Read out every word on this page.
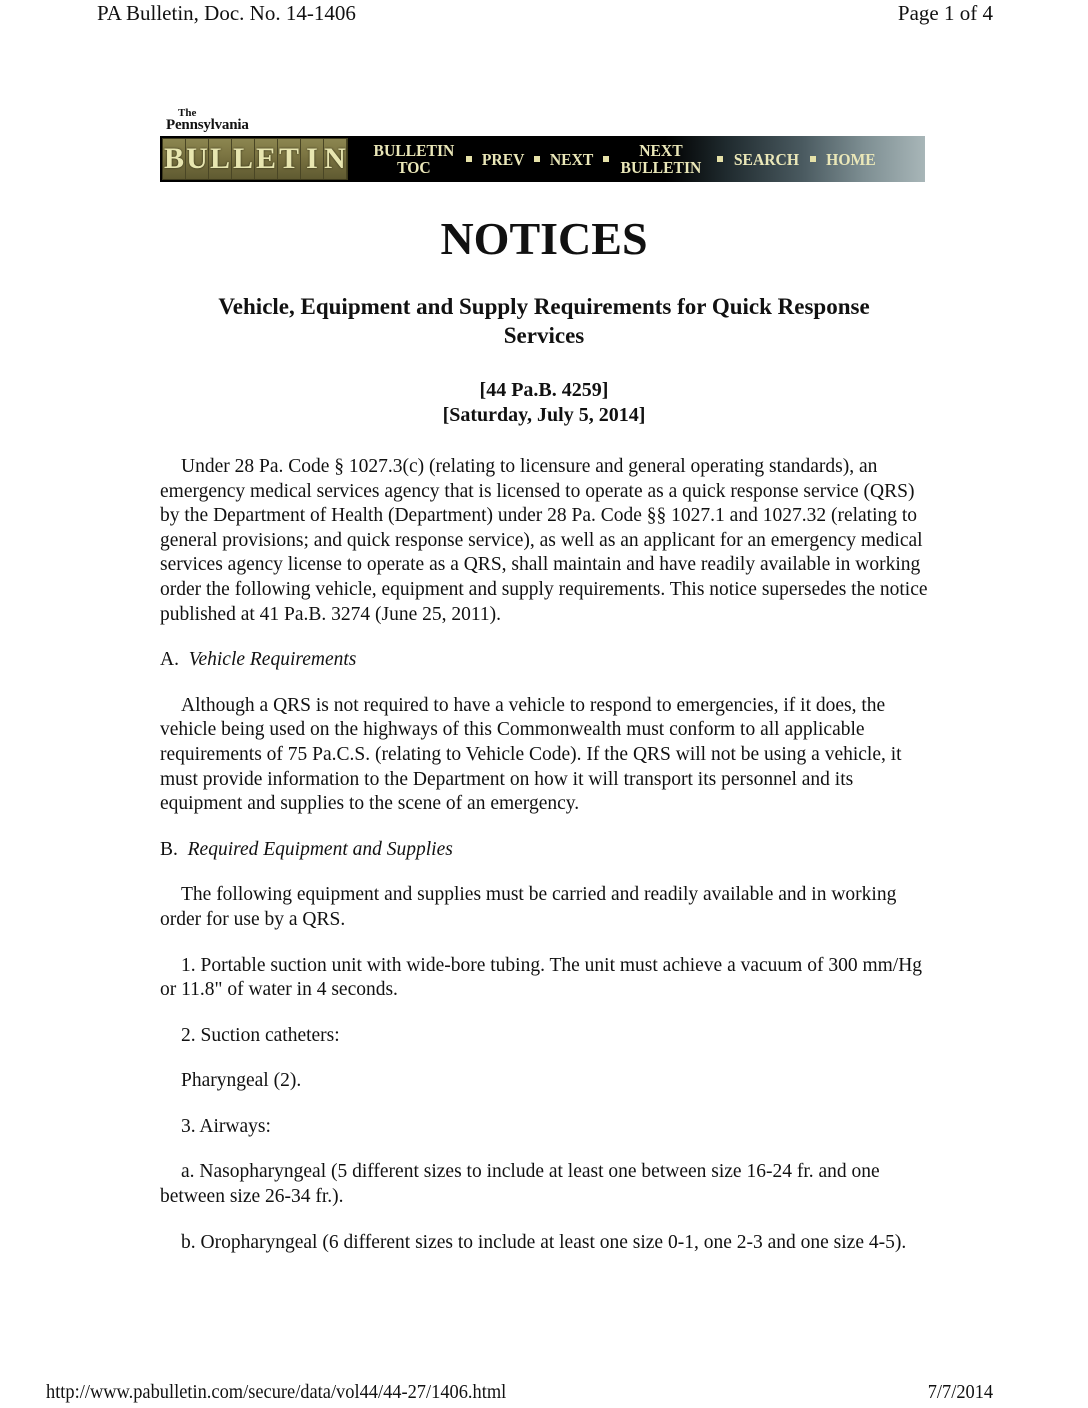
PA Bulletin, Doc. No. 14-1406	Page 1 of 4
The
Pennsylvania
B U L L E T I N BULLETIN
TOC	PREV NEXT	NEXT
BULLETIN SEARCH HOME
NOTICES
Vehicle, Equipment and Supply Requirements for Quick Response Services
[44 Pa.B. 4259]
[Saturday, July 5, 2014]

Under 28 Pa. Code § 1027.3(c) (relating to licensure and general operating standards), an emergency medical services agency that is licensed to operate as a quick response service (QRS) by the Department of Health (Department) under 28 Pa. Code §§ 1027.1 and 1027.32 (relating to general provisions; and quick response service), as well as an applicant for an emergency medical services agency license to operate as a QRS, shall maintain and have readily available in working order the following vehicle, equipment and supply requirements. This notice supersedes the notice published at 41 Pa.B. 3274 (June 25, 2011).

A. Vehicle Requirements

Although a QRS is not required to have a vehicle to respond to emergencies, if it does, the vehicle being used on the highways of this Commonwealth must conform to all applicable requirements of 75 Pa.C.S. (relating to Vehicle Code). If the QRS will not be using a vehicle, it must provide information to the Department on how it will transport its personnel and its equipment and supplies to the scene of an emergency.

B. Required Equipment and Supplies

The following equipment and supplies must be carried and readily available and in working order for use by a QRS.

1. Portable suction unit with wide-bore tubing. The unit must achieve a vacuum of 300 mm/Hg or 11.8" of water in 4 seconds.

2. Suction catheters:

Pharyngeal (2).

3. Airways:

a. Nasopharyngeal (5 different sizes to include at least one between size 16-24 fr. and one between size 26-34 fr.).

b. Oropharyngeal (6 different sizes to include at least one size 0-1, one 2-3 and one size 4-5).

http://www.pabulletin.com/secure/data/vol44/44-27/1406.html	7/7/2014
